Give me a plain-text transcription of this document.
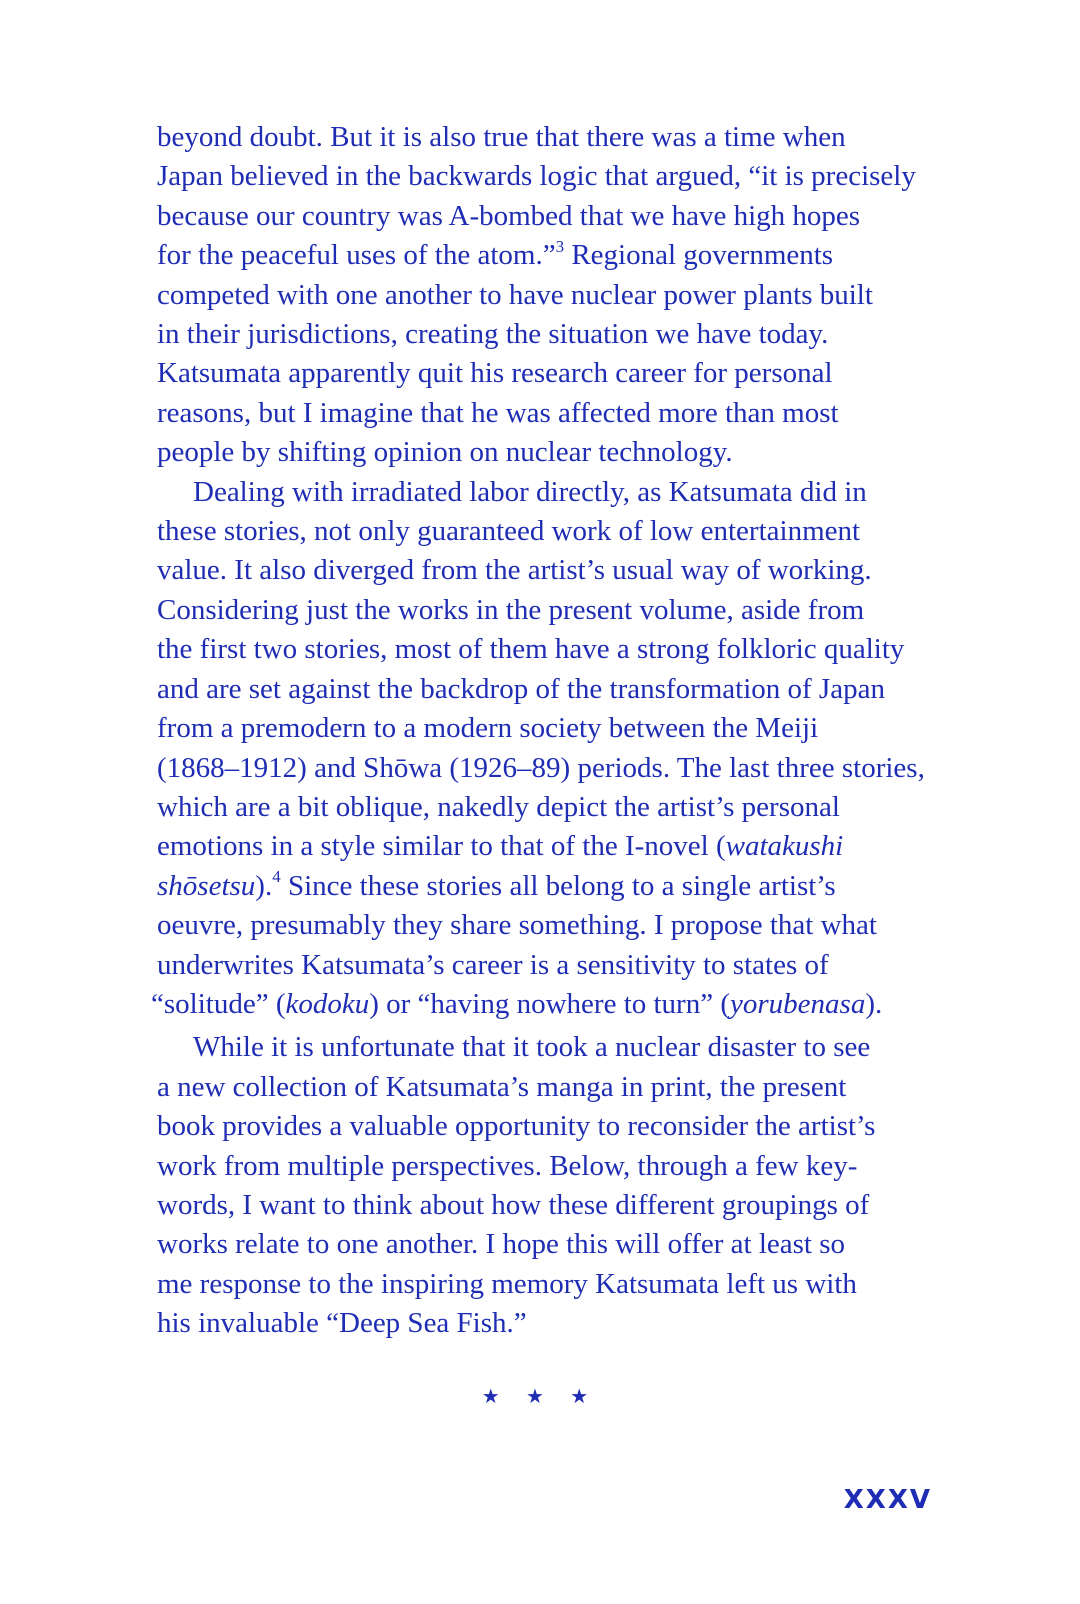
beyond doubt. But it is also true that there was a time when
Japan believed in the backwards logic that argued, “it is precisely
because our country was A-bombed that we have high hopes
for the peaceful uses of the atom.”$^3$ Regional governments
competed with one another to have nuclear power plants built
in their jurisdictions, creating the situation we have today.
Katsumata apparently quit his research career for personal
reasons, but I imagine that he was affected more than most
people by shifting opinion on nuclear technology.
Dealing with irradiated labor directly, as Katsumata did in
these stories, not only guaranteed work of low entertainment
value. It also diverged from the artist’s usual way of working.
Considering just the works in the present volume, aside from
the first two stories, most of them have a strong folkloric quality
and are set against the backdrop of the transformation of Japan
from a premodern to a modern society between the Meiji
(1868–1912) and Shōwa (1926–89) periods. The last three stories,
which are a bit oblique, nakedly depict the artist’s personal
emotions in a style similar to that of the I-novel (watakushi
shōsetsu).$^4$ Since these stories all belong to a single artist’s
oeuvre, presumably they share something. I propose that what
underwrites Katsumata’s career is a sensitivity to states of
“solitude” (kodoku) or “having nowhere to turn” (yorubenasa).
While it is unfortunate that it took a nuclear disaster to see
a new collection of Katsumata’s manga in print, the present
book provides a valuable opportunity to reconsider the artist’s
work from multiple perspectives. Below, through a few key-
words, I want to think about how these different groupings of
works relate to one another. I hope this will offer at least so
me response to the inspiring memory Katsumata left us with
his invaluable “Deep Sea Fish.”
★ ★ ★
XXXV
